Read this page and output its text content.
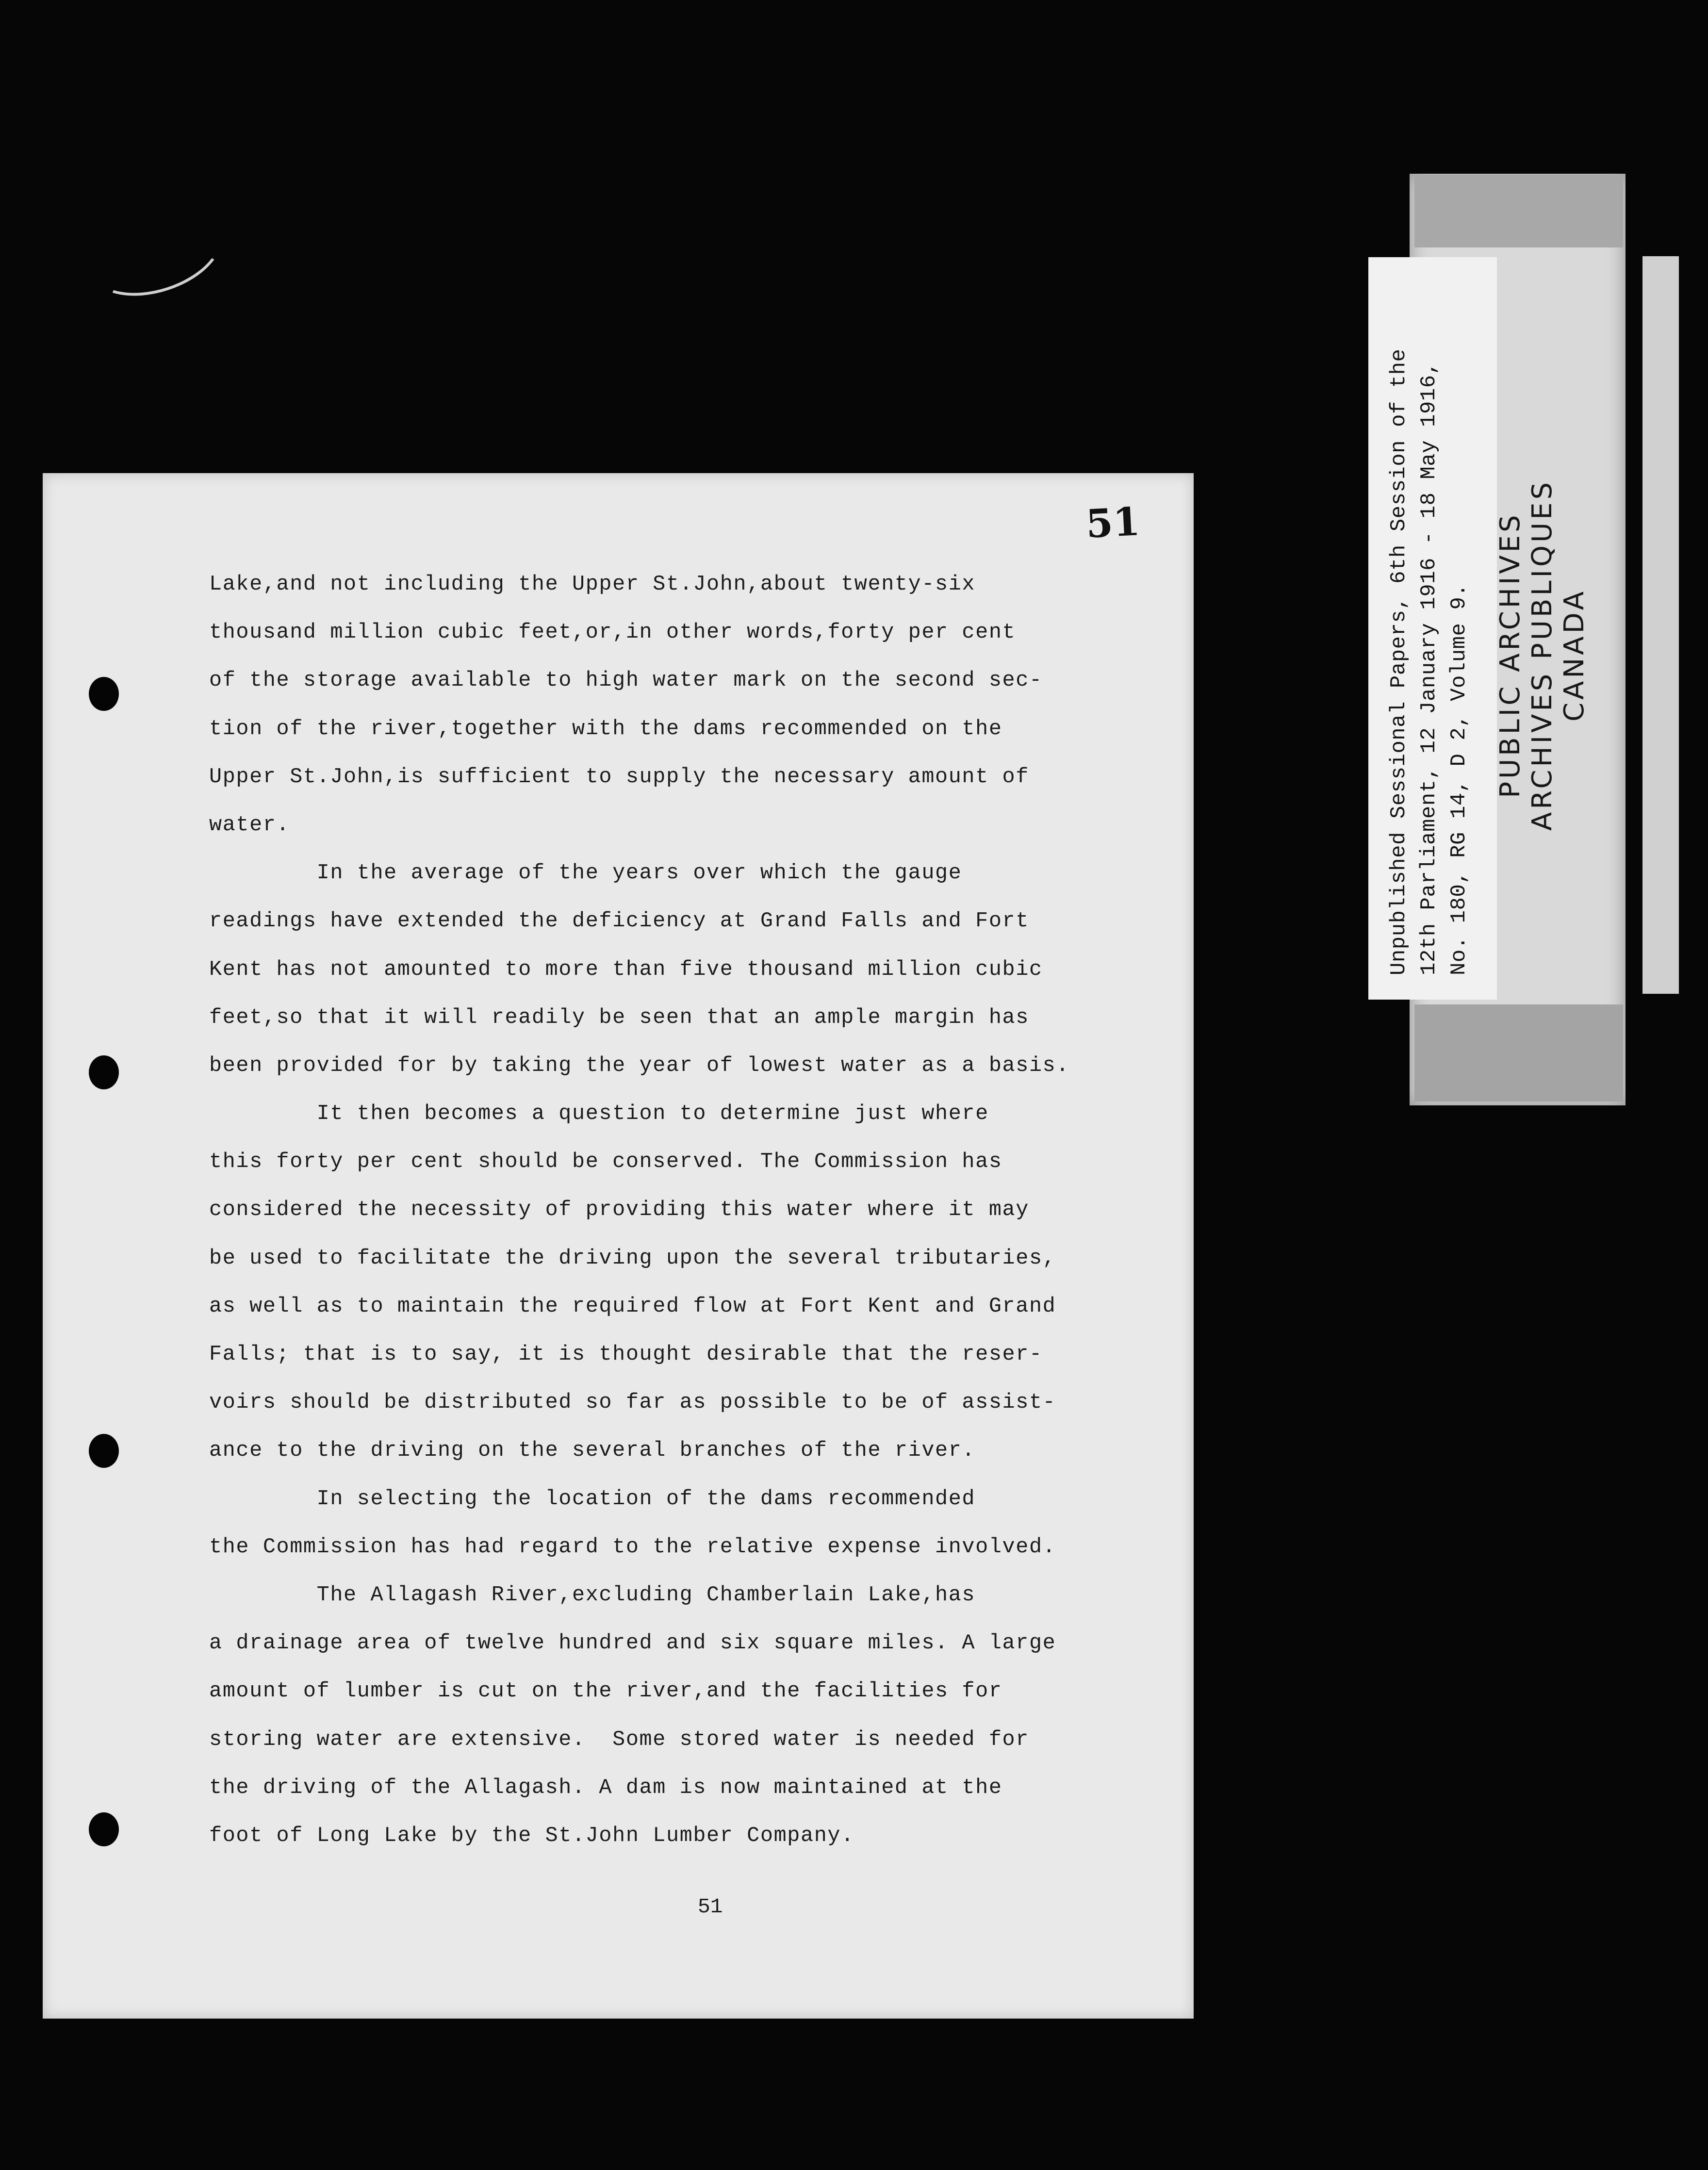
51
Lake,and not including the Upper St.John,about twenty-six
thousand million cubic feet,or,in other words,forty per cent
of the storage available to high water mark on the second sec-
tion of the river,together with the dams recommended on the
Upper St.John,is sufficient to supply the necessary amount of
water.
In the average of the years over which the gauge
readings have extended the deficiency at Grand Falls and Fort
Kent has not amounted to more than five thousand million cubic
feet,so that it will readily be seen that an ample margin has
been provided for by taking the year of lowest water as a basis.
It then becomes a question to determine just where
this forty per cent should be conserved. The Commission has
considered the necessity of providing this water where it may
be used to facilitate the driving upon the several tributaries,
as well as to maintain the required flow at Fort Kent and Grand
Falls; that is to say, it is thought desirable that the reser-
voirs should be distributed so far as possible to be of assist-
ance to the driving on the several branches of the river.
In selecting the location of the dams recommended
the Commission has had regard to the relative expense involved.
The Allagash River,excluding Chamberlain Lake,has
a drainage area of twelve hundred and six square miles. A large
amount of lumber is cut on the river,and the facilities for
storing water are extensive.  Some stored water is needed for
the driving of the Allagash. A dam is now maintained at the
foot of Long Lake by the St.John Lumber Company.
51
Unpublished Sessional Papers, 6th Session of the 12th Parliament, 12 January 1916 - 18 May 1916, No. 180, RG 14, D 2, Volume 9. PUBLIC ARCHIVES ARCHIVES PUBLIQUES CANADA
